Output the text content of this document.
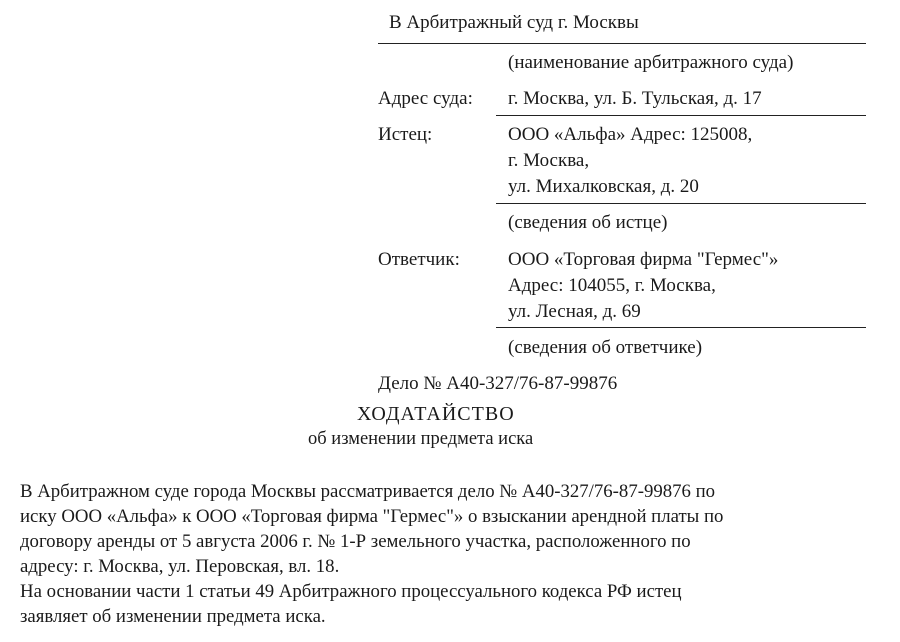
В Арбитражный суд г. Москвы
(наименование арбитражного суда)
Адрес суда: г. Москва, ул. Б. Тульская, д. 17
Истец:	ООО «Альфа» Адрес: 125008,
г. Москва,
ул. Михалковская, д. 20
(сведения об истце)
Ответчик:	ООО «Торговая фирма "Гермес"»
Адрес: 104055, г. Москва,
ул. Лесная, д. 69
(сведения об ответчике)
Дело № А40-327/76-87-99876
ХОДАТАЙСТВО
об изменении предмета иска
В Арбитражном суде города Москвы рассматривается дело № А40-327/76-87-99876 по
иску ООО «Альфа» к ООО «Торговая фирма "Гермес"» о взыскании арендной платы по
договору аренды от 5 августа 2006 г. № 1-Р земельного участка, расположенного по
адресу: г. Москва, ул. Перовская, вл. 18.
На основании части 1 статьи 49 Арбитражного процессуального кодекса РФ истец
заявляет об изменении предмета иска.
